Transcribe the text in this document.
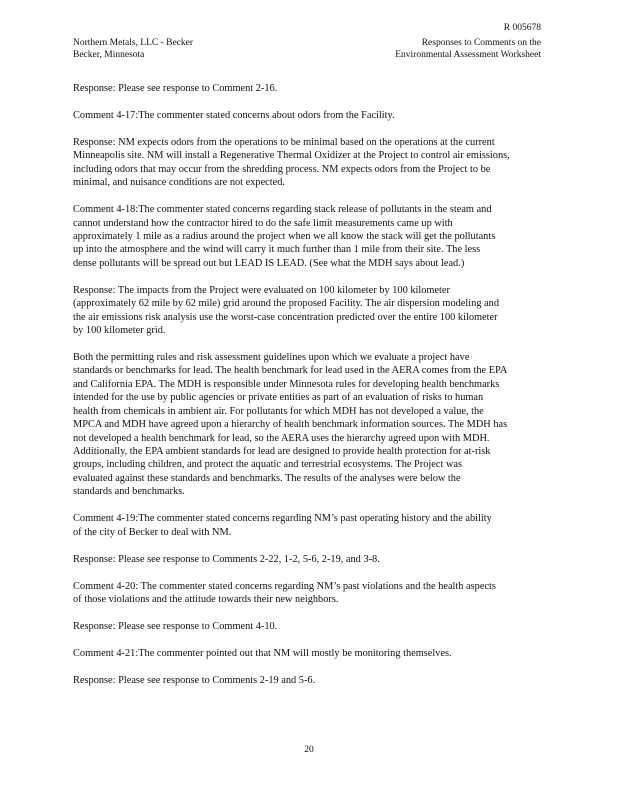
R 005678
Northern Metals, LLC - Becker
Becker, Minnesota
Responses to Comments on the
Environmental Assessment Worksheet
Response: Please see response to Comment 2-16.
Comment 4-17:The commenter stated concerns about odors from the Facility.
Response: NM expects odors from the operations to be minimal based on the operations at the current
Minneapolis site. NM will install a Regenerative Thermal Oxidizer at the Project to control air emissions,
including odors that may occur from the shredding process. NM expects odors from the Project to be
minimal, and nuisance conditions are not expected.
Comment 4-18:The commenter stated concerns regarding stack release of pollutants in the steam and
cannot understand how the contractor hired to do the safe limit measurements came up with
approximately 1 mile as a radius around the project when we all know the stack will get the pollutants
up into the atmosphere and the wind will carry it much further than 1 mile from their site. The less
dense pollutants will be spread out but LEAD IS LEAD. (See what the MDH says about lead.)
Response: The impacts from the Project were evaluated on 100 kilometer by 100 kilometer
(approximately 62 mile by 62 mile) grid around the proposed Facility. The air dispersion modeling and
the air emissions risk analysis use the worst-case concentration predicted over the entire 100 kilometer
by 100 kilometer grid.
Both the permitting rules and risk assessment guidelines upon which we evaluate a project have
standards or benchmarks for lead. The health benchmark for lead used in the AERA comes from the EPA
and California EPA. The MDH is responsible under Minnesota rules for developing health benchmarks
intended for the use by public agencies or private entities as part of an evaluation of risks to human
health from chemicals in ambient air. For pollutants for which MDH has not developed a value, the
MPCA and MDH have agreed upon a hierarchy of health benchmark information sources. The MDH has
not developed a health benchmark for lead, so the AERA uses the hierarchy agreed upon with MDH.
Additionally, the EPA ambient standards for lead are designed to provide health protection for at-risk
groups, including children, and protect the aquatic and terrestrial ecosystems. The Project was
evaluated against these standards and benchmarks. The results of the analyses were below the
standards and benchmarks.
Comment 4-19:The commenter stated concerns regarding NM’s past operating history and the ability
of the city of Becker to deal with NM.
Response: Please see response to Comments 2-22, 1-2, 5-6, 2-19, and 3-8.
Comment 4-20: The commenter stated concerns regarding NM’s past violations and the health aspects
of those violations and the attitude towards their new neighbors.
Response: Please see response to Comment 4-10.
Comment 4-21:The commenter pointed out that NM will mostly be monitoring themselves.
Response: Please see response to Comments 2-19 and 5-6.
20
